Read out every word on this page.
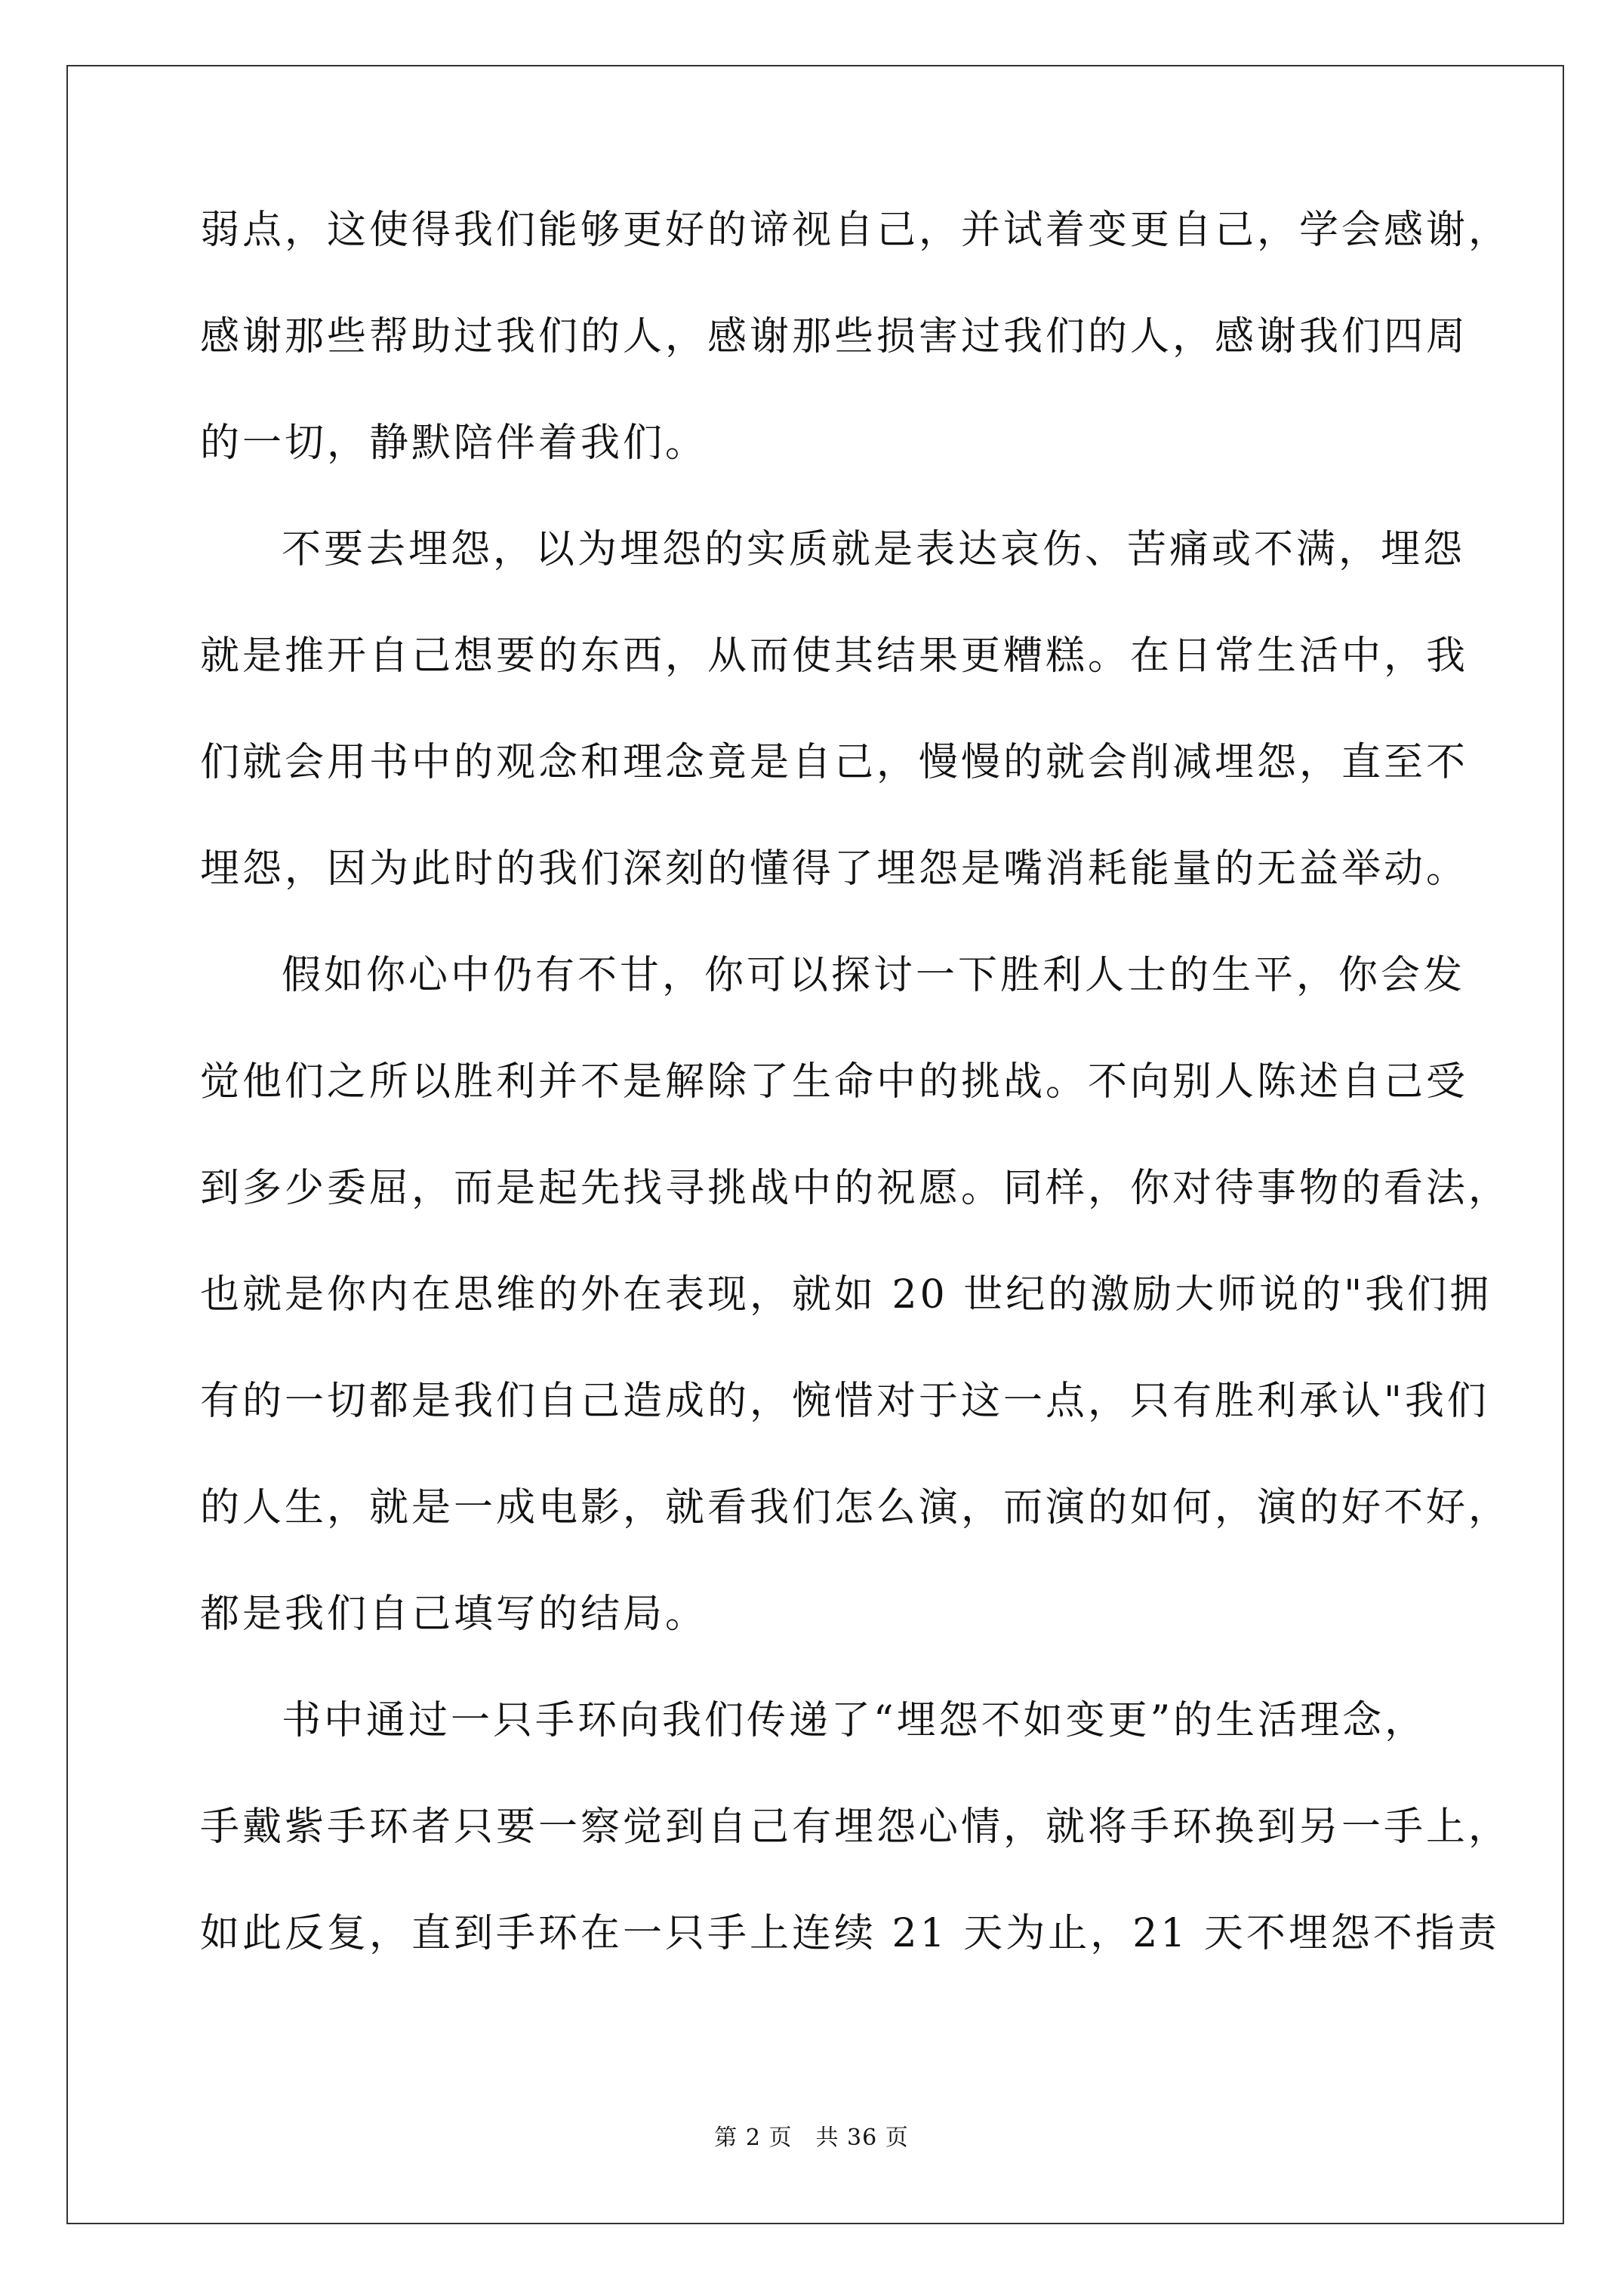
弱点，这使得我们能够更好的谛视自己，并试着变更自己，学会感谢，
感谢那些帮助过我们的人，感谢那些损害过我们的人，感谢我们四周
的一切，静默陪伴着我们。
不要去埋怨，以为埋怨的实质就是表达哀伤、苦痛或不满，埋怨
就是推开自己想要的东西，从而使其结果更糟糕。在日常生活中，我
们就会用书中的观念和理念竟是自己，慢慢的就会削减埋怨，直至不
埋怨，因为此时的我们深刻的懂得了埋怨是嘴消耗能量的无益举动。
假如你心中仍有不甘，你可以探讨一下胜利人士的生平，你会发
觉他们之所以胜利并不是解除了生命中的挑战。不向别人陈述自己受
到多少委屈，而是起先找寻挑战中的祝愿。同样，你对待事物的看法，
也就是你内在思维的外在表现，就如 20 世纪的激励大师说的"我们拥
有的一切都是我们自己造成的，惋惜对于这一点，只有胜利承认"我们
的人生，就是一成电影，就看我们怎么演，而演的如何，演的好不好，
都是我们自己填写的结局。
书中通过一只手环向我们传递了“埋怨不如变更”的生活理念，
手戴紫手环者只要一察觉到自己有埋怨心情，就将手环换到另一手上，
如此反复，直到手环在一只手上连续 21 天为止，21 天不埋怨不指责
第 2 页　共 36 页
